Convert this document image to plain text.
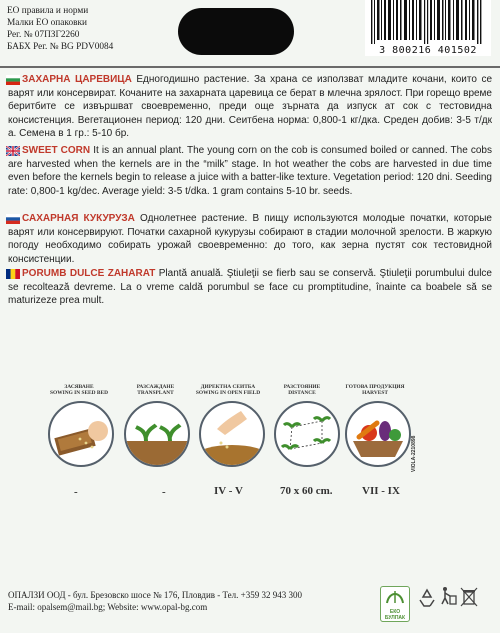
ЕО правила и норми
Малки ЕО опаковки
Рег. № 07ПЗГ2260
БАБХ Рег. № BG PDV0084	3 800216 401502
ЗАХАРНА ЦАРЕВИЦА Едногодишно растение. За храна се използват младите кочани, които се варят или консервират. Кочаните на захарната царевица се берат в млечна зрялост. При горещо време беритбите се извършват своевременно, преди още зърната да изпуск ат сок с тестовидна консистенция. Вегетационен период: 120 дни. Сеитбена норма: 0,800-1 кг/дка. Среден добив: 3-5 т/дк а. Семена в 1 гр.: 5-10 бр.
SWEET CORN It is an annual plant. The young corn on the cob is consumed boiled or canned. The cobs are harvested when the kernels are in the “milk” stage. In hot weather the cobs are harvested in due time even before the kernels begin to release a juice with a batter-like texture. Vegetation period: 120 dni. Seeding rate: 0,800-1 kg/dec. Average yield: 3-5 t/dka. 1 gram contains 5-10 br. seeds.
САХАРНАЯ КУКУРУЗА Однолетнее растение. В пищу используются молодые початки, которые варят или консервируют. Початки сахарной кукурузы собирают в стадии молочной зрелости. В жаркую погоду необходимо собирать урожай своевременно: до того, как зерна пустят сок тестовидной консистенции.
PORUMB DULCE ZAHARAT Plantă anuală. Ştiuleţii se fierb sau se conservă. Ştiuleţii porumbului dulce se recoltează devreme. La o vreme caldă porumbul se face cu promptitudine, înainte ca boabele să se maturizeze prea mult.
ЗАСЯВАНЕ
SOWING IN SEED BED
РАЗСАЖДАНЕ
TRANSPLANT
ДИРЕКТНА СЕИТБА
SOWING IN OPEN FIELD
РАЗСТОЯНИЕ
DISTANCE
ГОТОВА ПРОДУКЦИЯ
HARVEST
VIOLA-2210898
-	-	IV - V	70 x 60 cm.	VII - IX
ОПАЛЗИ ООД - бул. Брезовско шосе № 176, Пловдив - Тел. +359 32 943 300
E-mail: opalsem@mail.bg; Website: www.opal-bg.com	ЕКО БУЛПАК
